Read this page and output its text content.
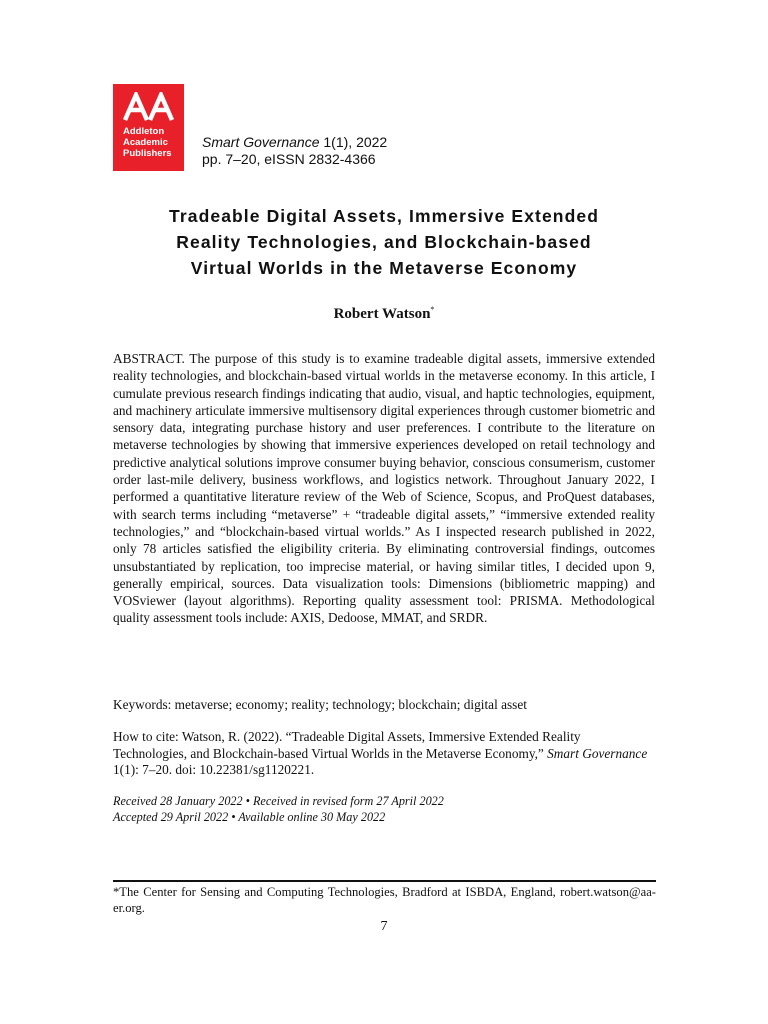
Addleton
Academic
Publishers
Smart Governance 1(1), 2022
pp. 7–20, eISSN 2832-4366
Tradeable Digital Assets, Immersive Extended
Reality Technologies, and Blockchain-based
Virtual Worlds in the Metaverse Economy
Robert Watson*
ABSTRACT. The purpose of this study is to examine tradeable digital assets, immersive extended reality technologies, and blockchain-based virtual worlds in the metaverse economy. In this article, I cumulate previous research findings indicating that audio, visual, and haptic technologies, equipment, and machinery articulate immersive multisensory digital experiences through customer biometric and sensory data, integrating purchase history and user preferences. I contribute to the literature on metaverse technologies by showing that immersive experiences developed on retail technology and predictive analytical solutions improve consumer buying behavior, conscious consumerism, customer order last-mile delivery, business workflows, and logistics network. Throughout January 2022, I performed a quantitative literature review of the Web of Science, Scopus, and ProQuest databases, with search terms including “metaverse” + “tradeable digital assets,” “immersive extended reality technologies,” and “blockchain-based virtual worlds.” As I inspected research published in 2022, only 78 articles satisfied the eligibility criteria. By eliminating controversial findings, outcomes unsubstantiated by replication, too imprecise material, or having similar titles, I decided upon 9, generally empirical, sources. Data visualization tools: Dimensions (bibliometric mapping) and VOSviewer (layout algorithms). Reporting quality assessment tool: PRISMA. Methodological quality assessment tools include: AXIS, Dedoose, MMAT, and SRDR.
Keywords: metaverse; economy; reality; technology; blockchain; digital asset
How to cite: Watson, R. (2022). “Tradeable Digital Assets, Immersive Extended Reality Technologies, and Blockchain-based Virtual Worlds in the Metaverse Economy,” Smart Governance 1(1): 7–20. doi: 10.22381/sg1120221.
Received 28 January 2022 • Received in revised form 27 April 2022
Accepted 29 April 2022 • Available online 30 May 2022
*The Center for Sensing and Computing Technologies, Bradford at ISBDA, England, robert.watson@aa-er.org.
7
